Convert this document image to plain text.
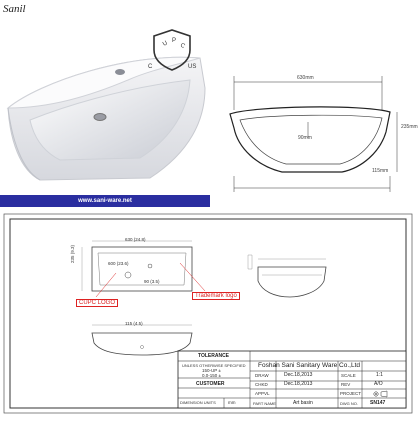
Sanil
www.sani-ware.net
U P
C
C	US
630mm
90mm
235mm
115mm
630 (24.8)
600 (23.6)
90 (3.5)
235 (9.3)
115 (4.5)
CUPC LOGO
Trademark logo
TOLERANCE
UNLESS OTHERWISE SPECIFIED
150-UP ±
0.0-150 ±
CUSTOMER
DIMENSION UNITS	mm
Foshan Sani Sanitary Ware Co.,Ltd
DRAW	Dec.18,2013	SCALE	1:1
CHKD	Dec.18,2013	REV	A/O
APPVL	PROJECT
PART NAME	Art basin	DWG NO. SN147
